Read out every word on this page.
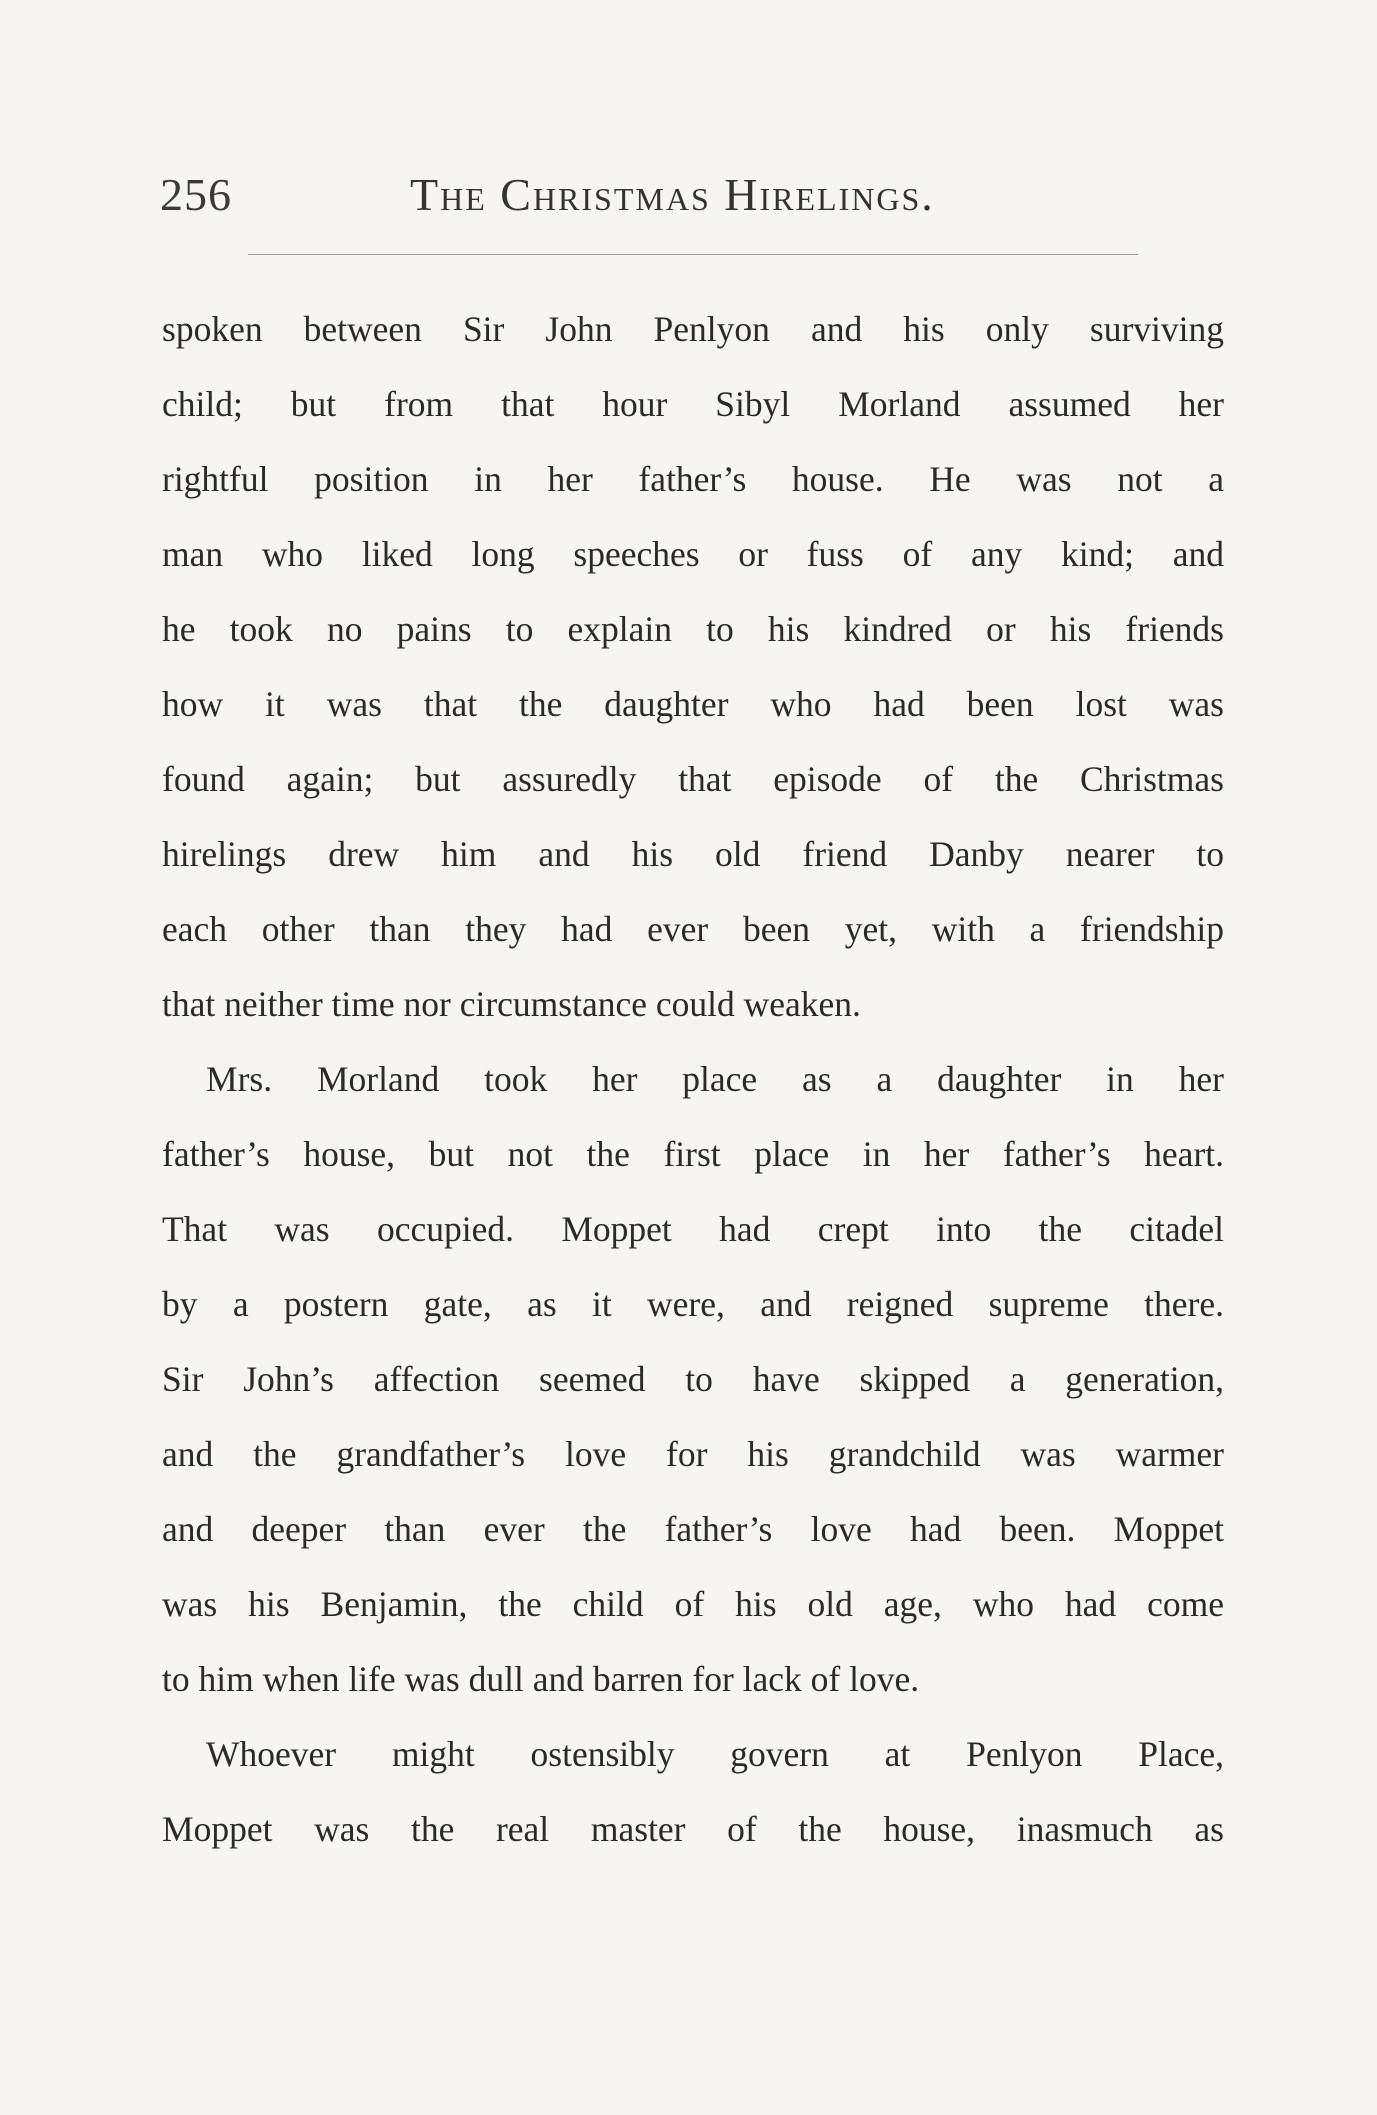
256	The Christmas Hirelings.
spoken between Sir John Penlyon and his only surviving
child; but from that hour Sibyl Morland assumed her
rightful position in her father’s house. He was not a
man who liked long speeches or fuss of any kind; and
he took no pains to explain to his kindred or his friends
how it was that the daughter who had been lost was
found again; but assuredly that episode of the Christmas
hirelings drew him and his old friend Danby nearer to
each other than they had ever been yet, with a friendship
that neither time nor circumstance could weaken.
Mrs. Morland took her place as a daughter in her
father’s house, but not the first place in her father’s heart.
That was occupied. Moppet had crept into the citadel
by a postern gate, as it were, and reigned supreme there.
Sir John’s affection seemed to have skipped a generation,
and the grandfather’s love for his grandchild was warmer
and deeper than ever the father’s love had been. Moppet
was his Benjamin, the child of his old age, who had come
to him when life was dull and barren for lack of love.
Whoever might ostensibly govern at Penlyon Place,
Moppet was the real master of the house, inasmuch as
